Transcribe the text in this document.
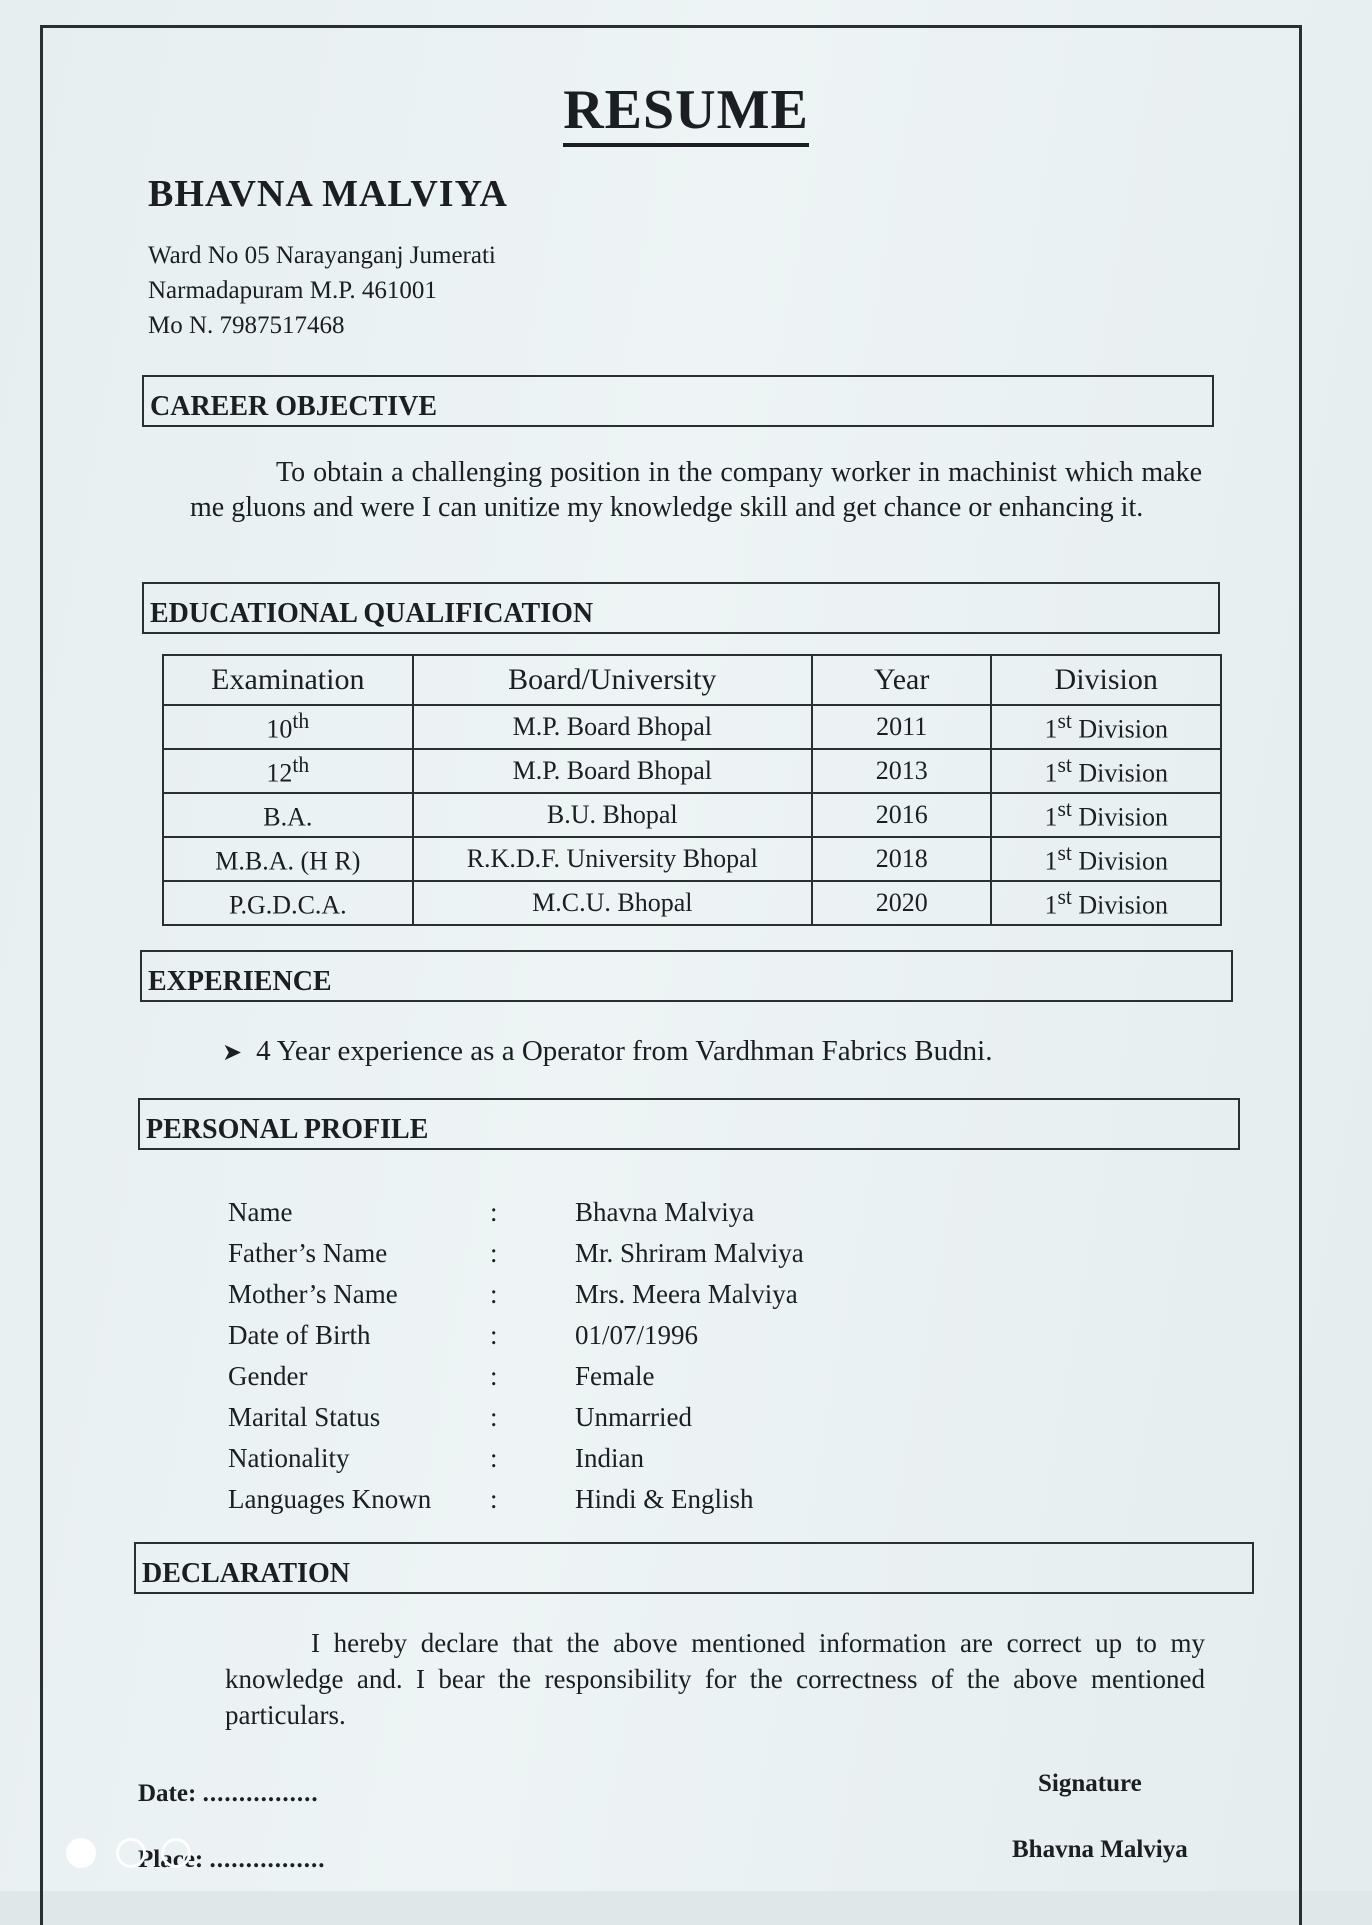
RESUME
BHAVNA MALVIYA
Ward No 05 Narayanganj Jumerati
Narmadapuram M.P. 461001
Mo N. 7987517468
CAREER OBJECTIVE
To obtain a challenging position in the company worker in machinist which make me gluons and were I can unitize my knowledge skill and get chance or enhancing it.
EDUCATIONAL QUALIFICATION
Examination	Board/University	Year	Division
10th	M.P. Board Bhopal	2011	1st Division
12th	M.P. Board Bhopal	2013	1st Division
B.A.	B.U. Bhopal	2016	1st Division
M.B.A. (H R)	R.K.D.F. University Bhopal	2018	1st Division
P.G.D.C.A.	M.C.U. Bhopal	2020	1st Division
EXPERIENCE
➤ 4 Year experience as a Operator from Vardhman Fabrics Budni.
PERSONAL PROFILE
Name	:	Bhavna Malviya
Father’s Name	:	Mr. Shriram Malviya
Mother’s Name	:	Mrs. Meera Malviya
Date of Birth	:	01/07/1996
Gender	:	Female
Marital Status	:	Unmarried
Nationality	:	Indian
Languages Known :	Hindi & English
DECLARATION
I hereby declare that the above mentioned information are correct up to my knowledge and. I bear the responsibility for the correctness of the above mentioned particulars.
Date: ................
Place: ................
Signature
Bhavna Malviya
